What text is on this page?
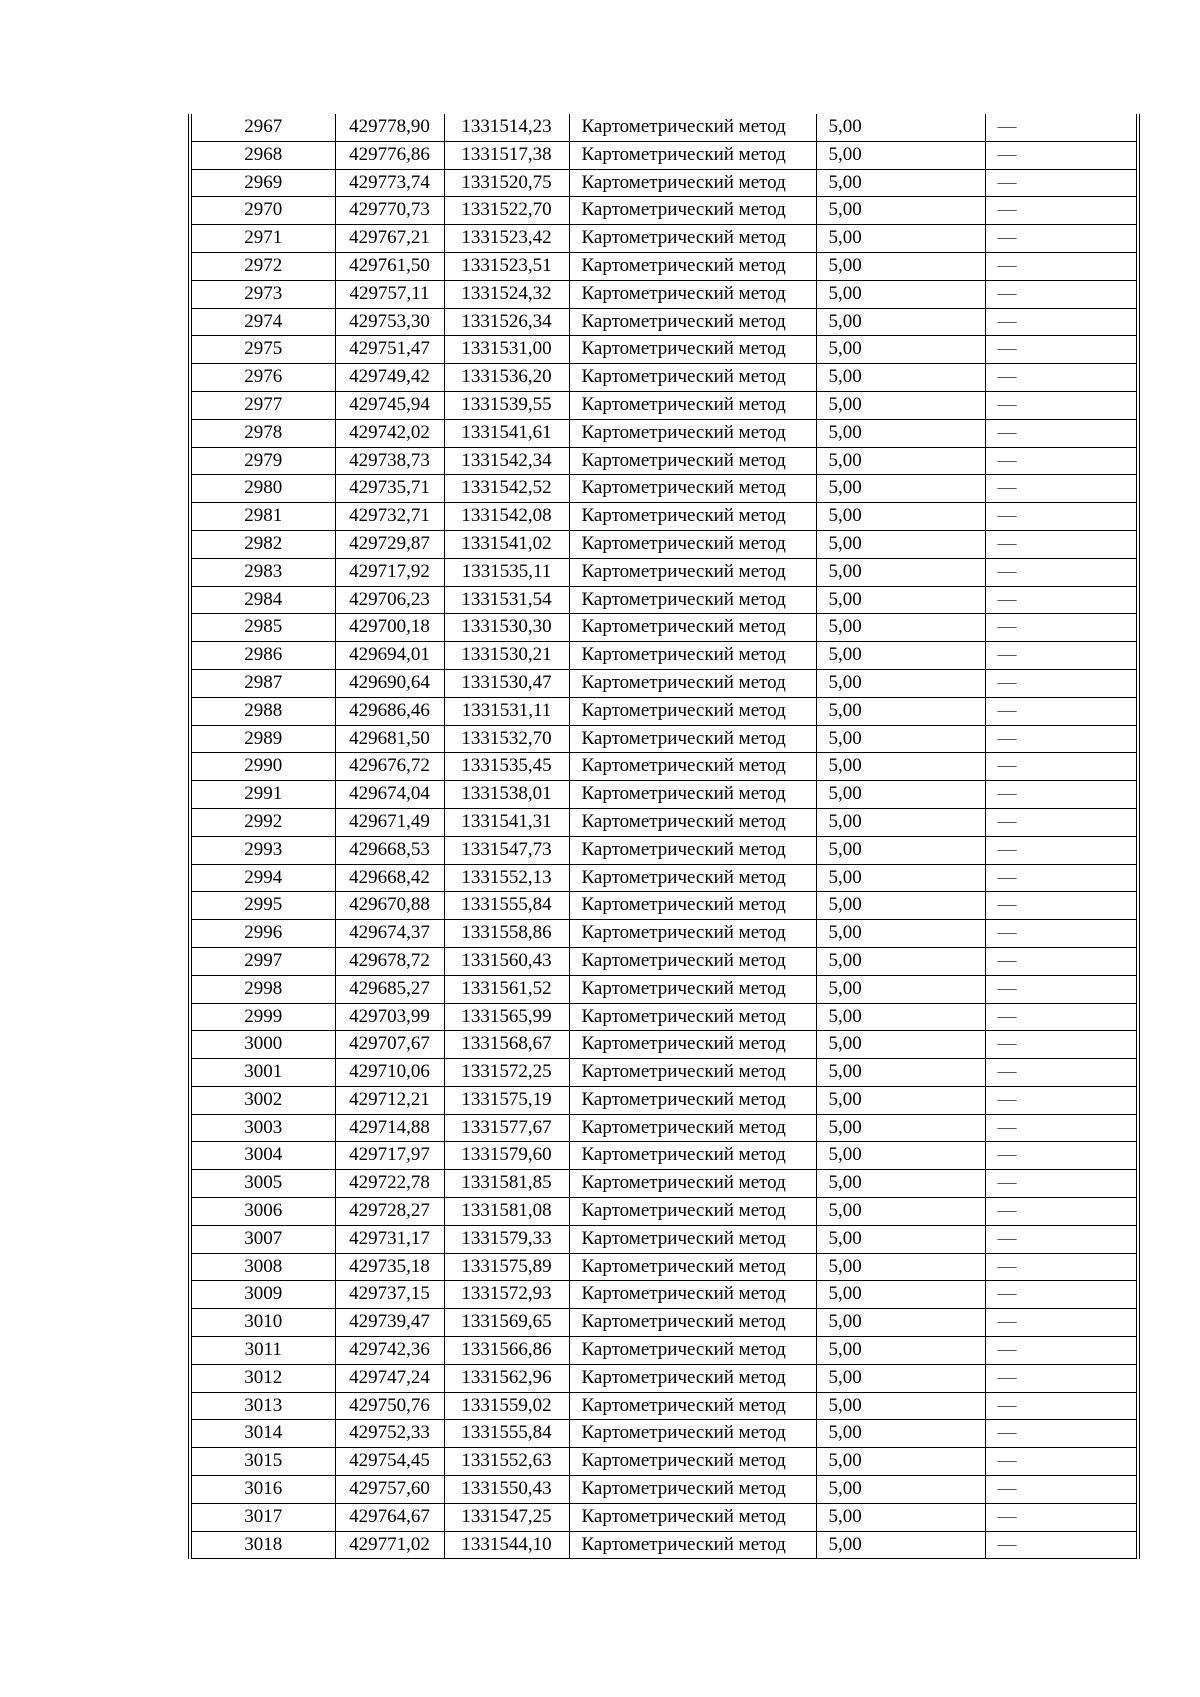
2967	429778,90	1331514,23	Картометрический метод	5,00	—
2968	429776,86	1331517,38	Картометрический метод	5,00	—
2969	429773,74	1331520,75	Картометрический метод	5,00	—
2970	429770,73	1331522,70	Картометрический метод	5,00	—
2971	429767,21	1331523,42	Картометрический метод	5,00	—
2972	429761,50	1331523,51	Картометрический метод	5,00	—
2973	429757,11	1331524,32	Картометрический метод	5,00	—
2974	429753,30	1331526,34	Картометрический метод	5,00	—
2975	429751,47	1331531,00	Картометрический метод	5,00	—
2976	429749,42	1331536,20	Картометрический метод	5,00	—
2977	429745,94	1331539,55	Картометрический метод	5,00	—
2978	429742,02	1331541,61	Картометрический метод	5,00	—
2979	429738,73	1331542,34	Картометрический метод	5,00	—
2980	429735,71	1331542,52	Картометрический метод	5,00	—
2981	429732,71	1331542,08	Картометрический метод	5,00	—
2982	429729,87	1331541,02	Картометрический метод	5,00	—
2983	429717,92	1331535,11	Картометрический метод	5,00	—
2984	429706,23	1331531,54	Картометрический метод	5,00	—
2985	429700,18	1331530,30	Картометрический метод	5,00	—
2986	429694,01	1331530,21	Картометрический метод	5,00	—
2987	429690,64	1331530,47	Картометрический метод	5,00	—
2988	429686,46	1331531,11	Картометрический метод	5,00	—
2989	429681,50	1331532,70	Картометрический метод	5,00	—
2990	429676,72	1331535,45	Картометрический метод	5,00	—
2991	429674,04	1331538,01	Картометрический метод	5,00	—
2992	429671,49	1331541,31	Картометрический метод	5,00	—
2993	429668,53	1331547,73	Картометрический метод	5,00	—
2994	429668,42	1331552,13	Картометрический метод	5,00	—
2995	429670,88	1331555,84	Картометрический метод	5,00	—
2996	429674,37	1331558,86	Картометрический метод	5,00	—
2997	429678,72	1331560,43	Картометрический метод	5,00	—
2998	429685,27	1331561,52	Картометрический метод	5,00	—
2999	429703,99	1331565,99	Картометрический метод	5,00	—
3000	429707,67	1331568,67	Картометрический метод	5,00	—
3001	429710,06	1331572,25	Картометрический метод	5,00	—
3002	429712,21	1331575,19	Картометрический метод	5,00	—
3003	429714,88	1331577,67	Картометрический метод	5,00	—
3004	429717,97	1331579,60	Картометрический метод	5,00	—
3005	429722,78	1331581,85	Картометрический метод	5,00	—
3006	429728,27	1331581,08	Картометрический метод	5,00	—
3007	429731,17	1331579,33	Картометрический метод	5,00	—
3008	429735,18	1331575,89	Картометрический метод	5,00	—
3009	429737,15	1331572,93	Картометрический метод	5,00	—
3010	429739,47	1331569,65	Картометрический метод	5,00	—
3011	429742,36	1331566,86	Картометрический метод	5,00	—
3012	429747,24	1331562,96	Картометрический метод	5,00	—
3013	429750,76	1331559,02	Картометрический метод	5,00	—
3014	429752,33	1331555,84	Картометрический метод	5,00	—
3015	429754,45	1331552,63	Картометрический метод	5,00	—
3016	429757,60	1331550,43	Картометрический метод	5,00	—
3017	429764,67	1331547,25	Картометрический метод	5,00	—
3018	429771,02	1331544,10	Картометрический метод	5,00	—
